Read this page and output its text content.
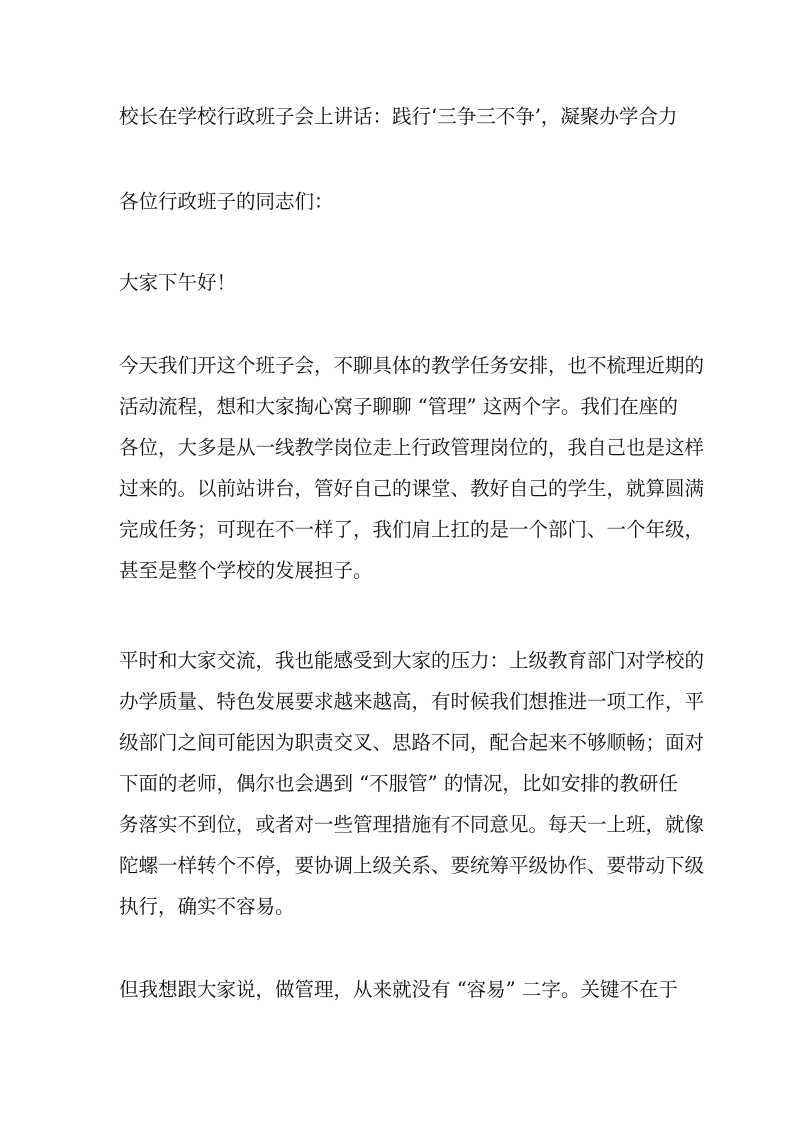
校长在学校行政班子会上讲话：践行‘三争三不争’，凝聚办学合力
各位行政班子的同志们：
大家下午好！
今天我们开这个班子会，不聊具体的教学任务安排，也不梳理近期的
活动流程，想和大家掏心窝子聊聊 “管理” 这两个字。我们在座的
各位，大多是从一线教学岗位走上行政管理岗位的，我自己也是这样
过来的。以前站讲台，管好自己的课堂、教好自己的学生，就算圆满
完成任务；可现在不一样了，我们肩上扛的是一个部门、一个年级，
甚至是整个学校的发展担子。
平时和大家交流，我也能感受到大家的压力：上级教育部门对学校的
办学质量、特色发展要求越来越高，有时候我们想推进一项工作，平
级部门之间可能因为职责交叉、思路不同，配合起来不够顺畅；面对
下面的老师，偶尔也会遇到 “不服管” 的情况，比如安排的教研任
务落实不到位，或者对一些管理措施有不同意见。每天一上班，就像
陀螺一样转个不停，要协调上级关系、要统筹平级协作、要带动下级
执行，确实不容易。
但我想跟大家说，做管理，从来就没有 “容易” 二字。关键不在于
